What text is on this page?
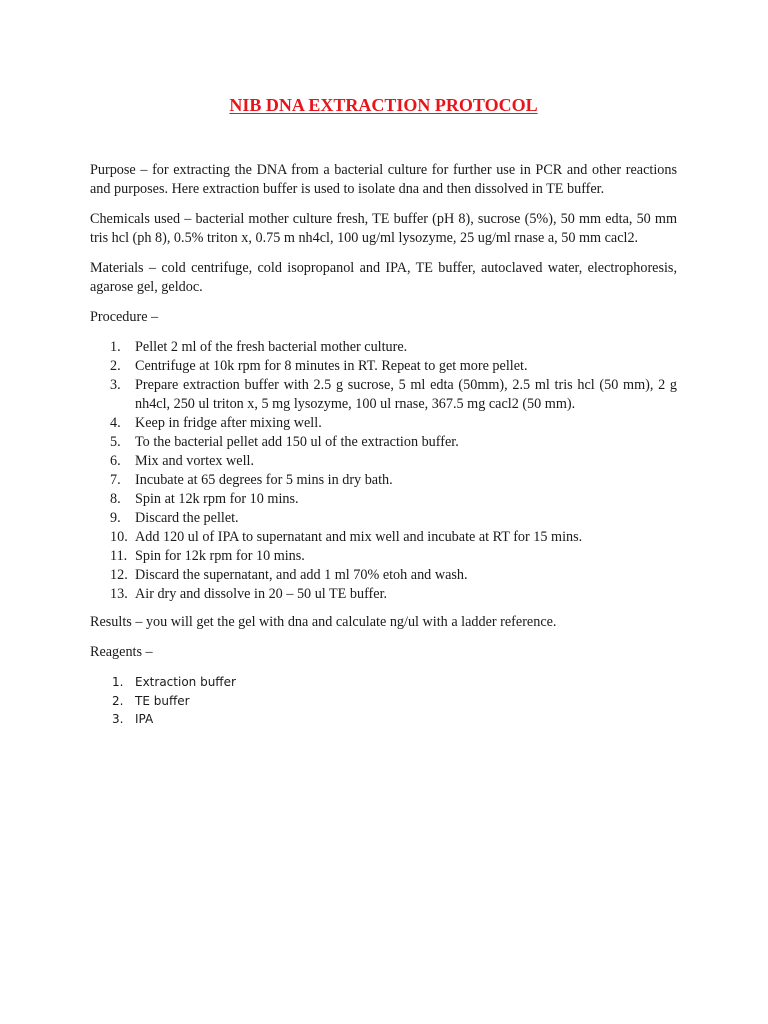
NIB DNA EXTRACTION PROTOCOL

Purpose – for extracting the DNA from a bacterial culture for further use in PCR and other reactions and purposes. Here extraction buffer is used to isolate dna and then dissolved in TE buffer.

Chemicals used – bacterial mother culture fresh, TE buffer (pH 8), sucrose (5%), 50 mm edta, 50 mm tris hcl (ph 8), 0.5% triton x, 0.75 m nh4cl, 100 ug/ml lysozyme, 25 ug/ml rnase a, 50 mm cacl2.

Materials – cold centrifuge, cold isopropanol and IPA, TE buffer, autoclaved water, electrophoresis, agarose gel, geldoc.

Procedure –

1.	Pellet 2 ml of the fresh bacterial mother culture.
2.	Centrifuge at 10k rpm for 8 minutes in RT. Repeat to get more pellet.
3.	Prepare extraction buffer with 2.5 g sucrose, 5 ml edta (50mm), 2.5 ml tris hcl (50 mm), 2 g nh4cl, 250 ul triton x, 5 mg lysozyme, 100 ul rnase, 367.5 mg cacl2 (50 mm).
4.	Keep in fridge after mixing well.
5.	To the bacterial pellet add 150 ul of the extraction buffer.
6.	Mix and vortex well.
7.	Incubate at 65 degrees for 5 mins in dry bath.
8.	Spin at 12k rpm for 10 mins.
9.	Discard the pellet.
10. Add 120 ul of IPA to supernatant and mix well and incubate at RT for 15 mins.
11. Spin for 12k rpm for 10 mins.
12. Discard the supernatant, and add 1 ml 70% etoh and wash.
13. Air dry and dissolve in 20 – 50 ul TE buffer.

Results – you will get the gel with dna and calculate ng/ul with a ladder reference.

Reagents –

1. Extraction buffer
2. TE buffer
3. IPA
